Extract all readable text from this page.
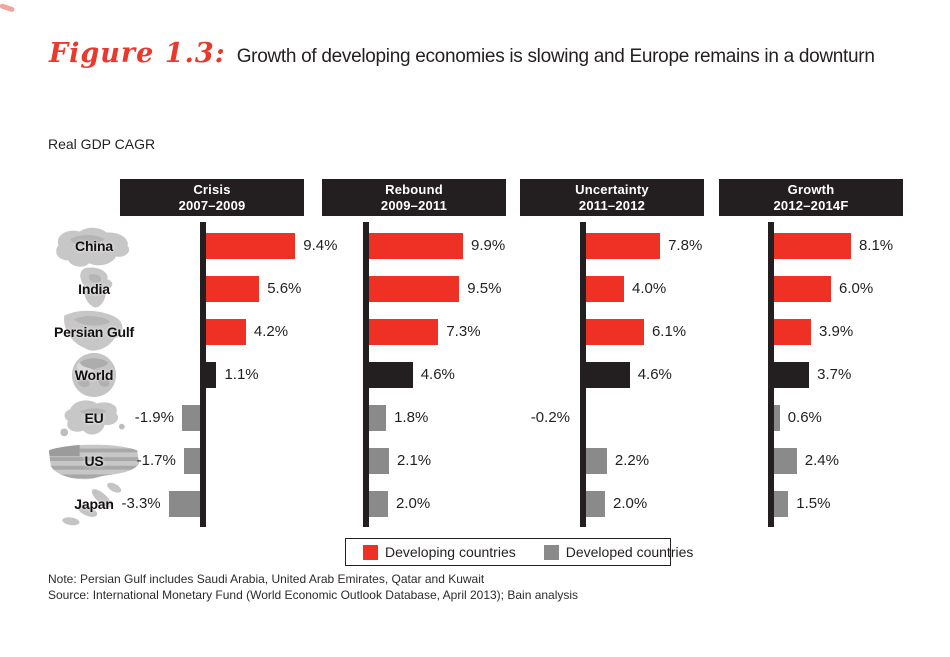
Figure 1.3: Growth of developing economies is slowing and Europe remains in a downturn
Real GDP CAGR
China
India
Persian Gulf
World
EU
US
Japan
Crisis
2007–2009
9.4%
5.6%
4.2%
1.1%
-1.9%
-1.7%
-3.3%
Rebound
2009–2011
9.9%
9.5%
7.3%
4.6%
1.8%
2.1%
2.0%
Uncertainty
2011–2012
7.8%
4.0%
6.1%
4.6%
-0.2%
2.2%
2.0%
Growth
2012–2014F
8.1%
6.0%
3.9%
3.7%
0.6%
2.4%
1.5%
Developing countries	Developed countries
Note: Persian Gulf includes Saudi Arabia, United Arab Emirates, Qatar and Kuwait
Source: International Monetary Fund (World Economic Outlook Database, April 2013); Bain analysis
